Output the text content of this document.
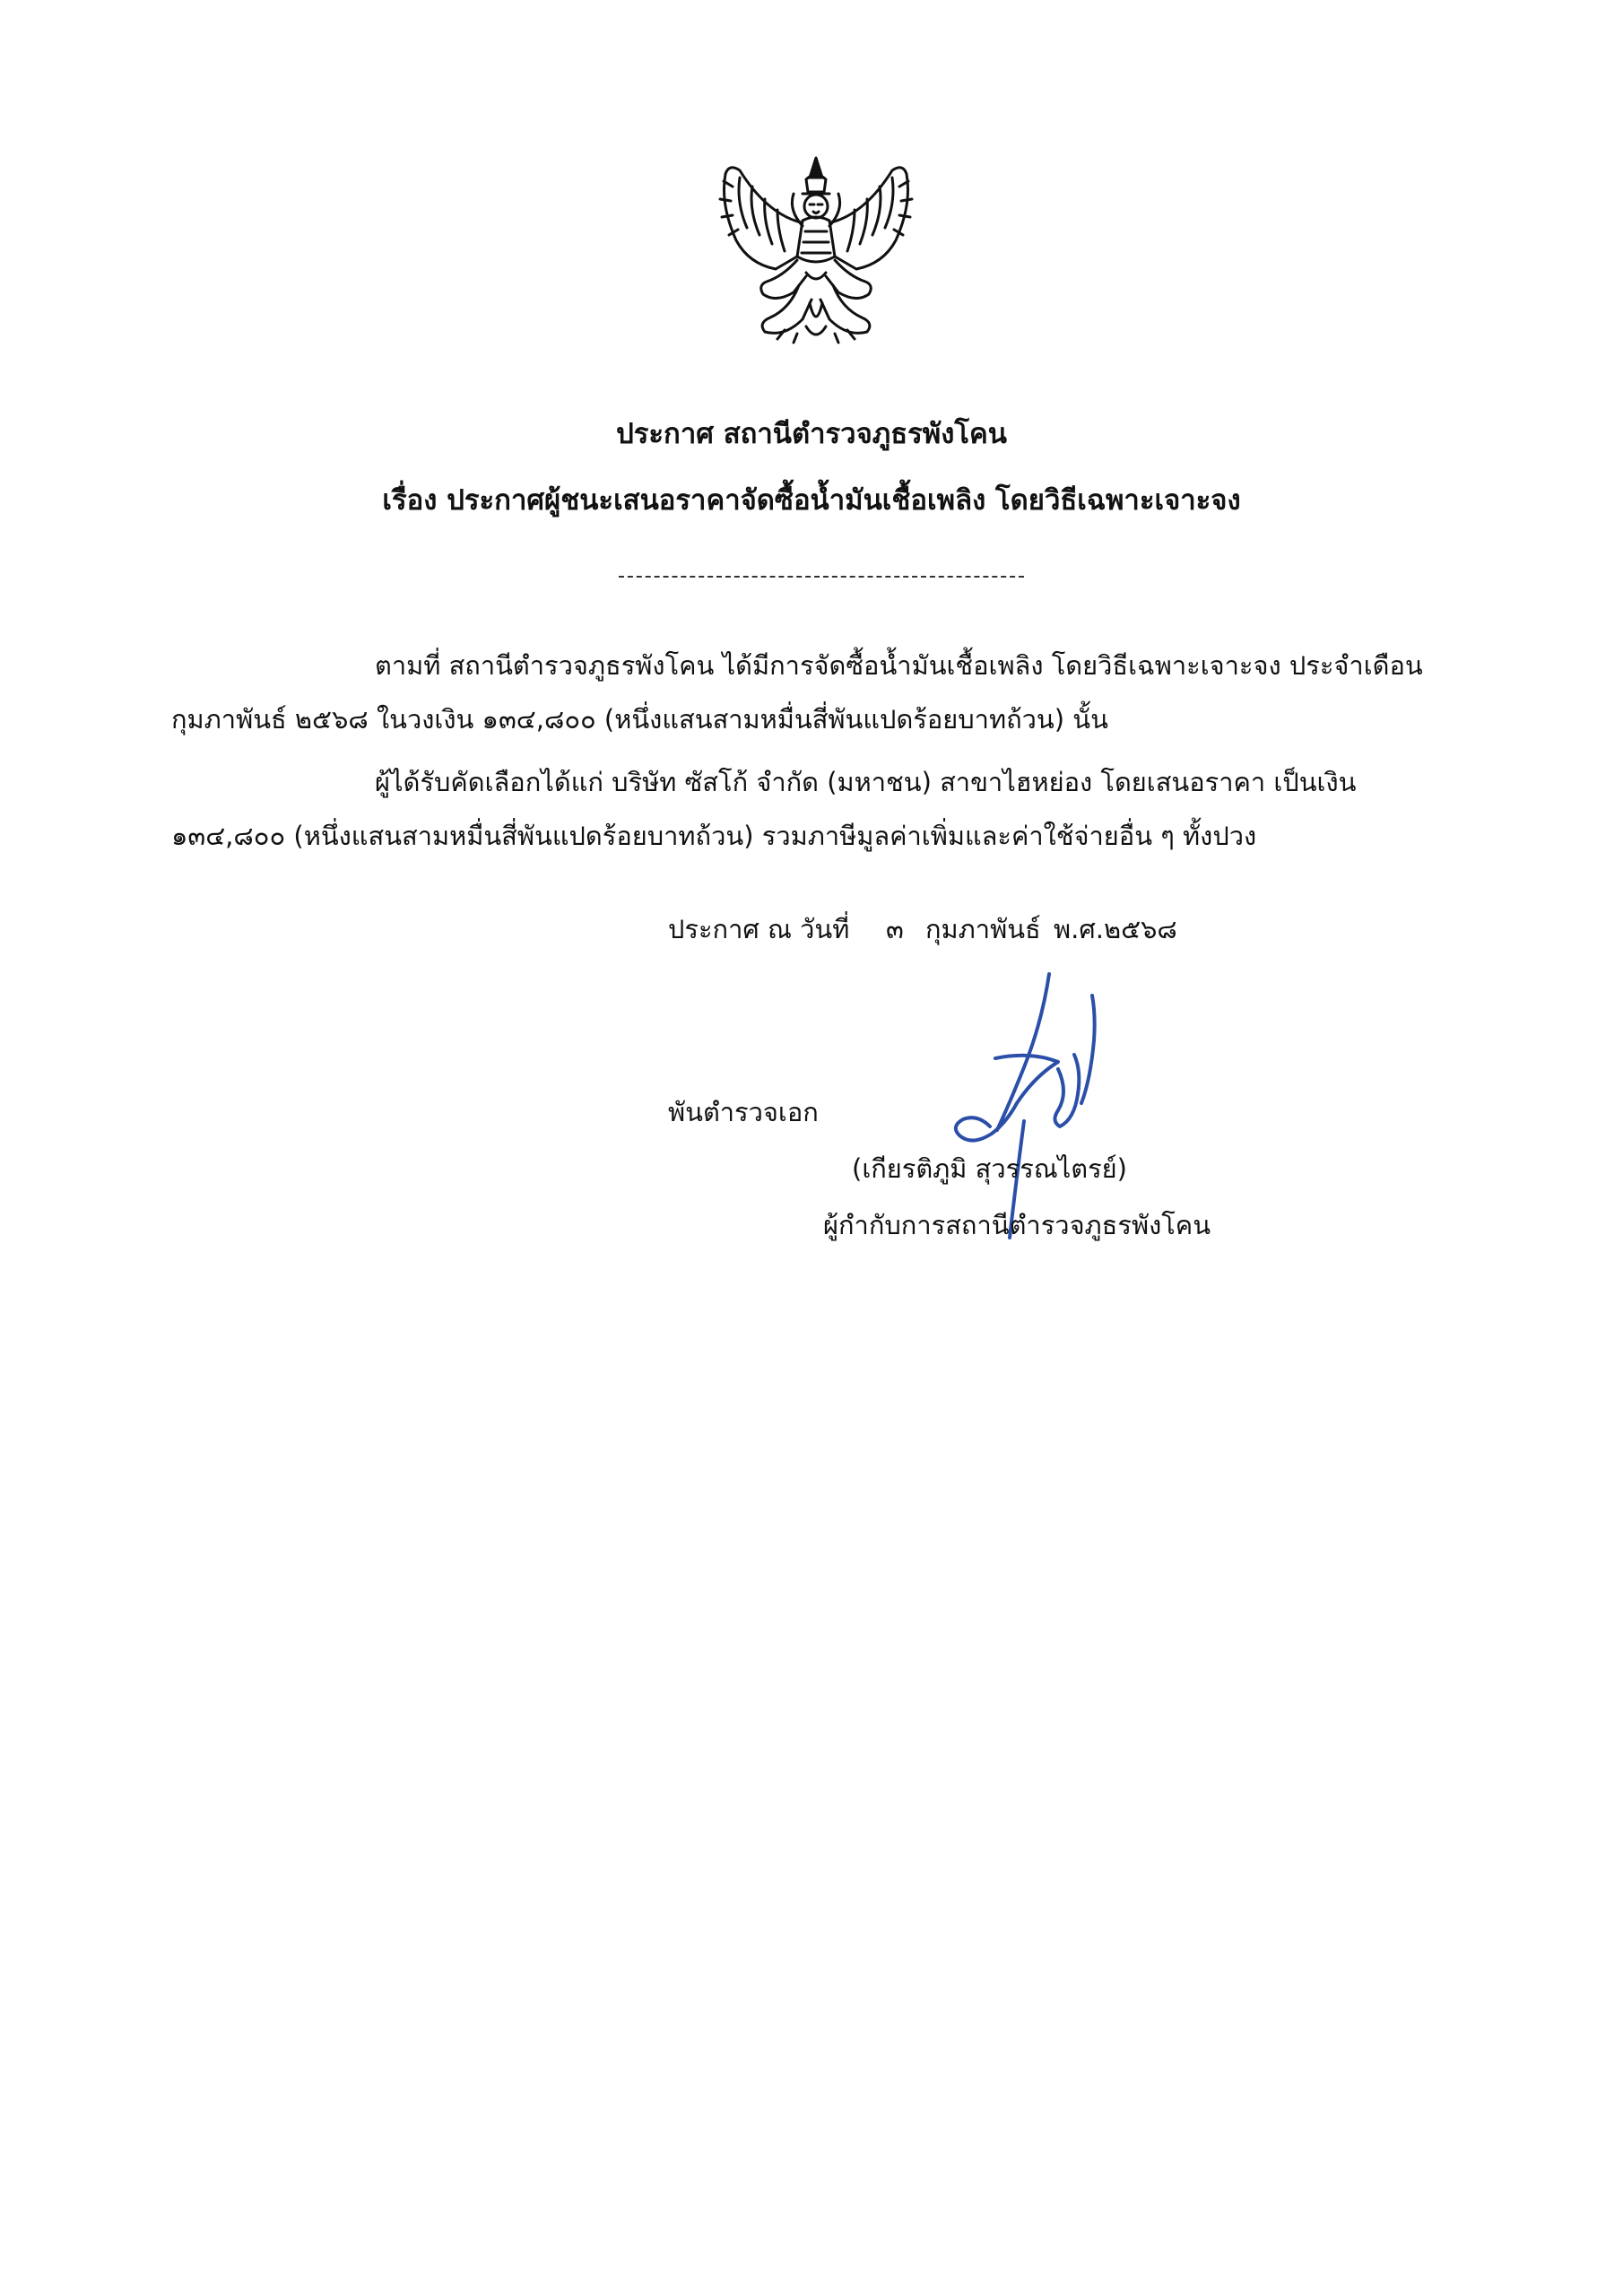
ประกาศ สถานีตำรวจภูธรพังโคน
เรื่อง ประกาศผู้ชนะเสนอราคาจัดซื้อน้ำมันเชื้อเพลิง โดยวิธีเฉพาะเจาะจง
ตามที่ สถานีตำรวจภูธรพังโคน ได้มีการจัดซื้อน้ำมันเชื้อเพลิง โดยวิธีเฉพาะเจาะจง ประจำเดือน
กุมภาพันธ์ ๒๕๖๘ ในวงเงิน ๑๓๔,๘๐๐ (หนึ่งแสนสามหมื่นสี่พันแปดร้อยบาทถ้วน) นั้น
ผู้ได้รับคัดเลือกได้แก่ บริษัท ซัสโก้ จำกัด (มหาชน) สาขาไฮหย่อง โดยเสนอราคา เป็นเงิน
๑๓๔,๘๐๐ (หนึ่งแสนสามหมื่นสี่พันแปดร้อยบาทถ้วน) รวมภาษีมูลค่าเพิ่มและค่าใช้จ่ายอื่น ๆ ทั้งปวง
ประกาศ ณ วันที่ ๓ กุมภาพันธ์ พ.ศ.๒๕๖๘
พันตำรวจเอก
(เกียรติภูมิ สุวรรณไตรย์)
ผู้กำกับการสถานีตำรวจภูธรพังโคน
